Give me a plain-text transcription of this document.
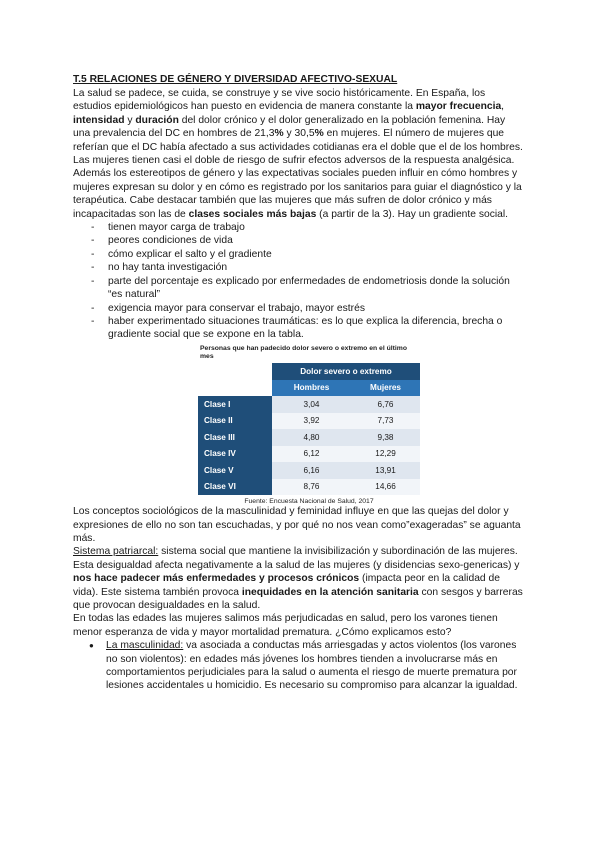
T.5 RELACIONES DE GÉNERO Y DIVERSIDAD AFECTIVO-SEXUAL

La salud se padece, se cuida, se construye y se vive socio históricamente. En España, los estudios epidemiológicos han puesto en evidencia de manera constante la mayor frecuencia, intensidad y duración del dolor crónico y el dolor generalizado en la población femenina. Hay una prevalencia del DC en hombres de 21,3% y 30,5% en mujeres. El número de mujeres que referían que el DC había afectado a sus actividades cotidianas era el doble que el de los hombres. Las mujeres tienen casi el doble de riesgo de sufrir efectos adversos de la respuesta analgésica. Además los estereotipos de género y las expectativas sociales pueden influir en cómo hombres y mujeres expresan su dolor y en cómo es registrado por los sanitarios para guiar el diagnóstico y la terapéutica. Cabe destacar también que las mujeres que más sufren de dolor crónico y más incapacitadas son las de clases sociales más bajas (a partir de la 3). Hay un gradiente social.

- tienen mayor carga de trabajo
- peores condiciones de vida
- cómo explicar el salto y el gradiente
- no hay tanta investigación
- parte del porcentaje es explicado por enfermedades de endometriosis donde la solución “es natural”
- exigencia mayor para conservar el trabajo, mayor estrés
- haber experimentado situaciones traumáticas: es lo que explica la diferencia, brecha o gradiente social que se expone en la tabla.

Personas que han padecido dolor severo o extremo en el último mes

	Dolor severo o extremo	
	Hombres	Mujeres
Clase I	3,04	6,76
Clase II	3,92	7,73
Clase III	4,80	9,38
Clase IV	6,12	12,29
Clase V	6,16	13,91
Clase VI	8,76	14,66

Fuente: Encuesta Nacional de Salud, 2017

Los conceptos sociológicos de la masculinidad y feminidad influye en que las quejas del dolor y expresiones de ello no son tan escuchadas, y por qué no nos vean como”exageradas” se aguanta más.

Sistema patriarcal: sistema social que mantiene la invisibilización y subordinación de las mujeres. Esta desigualdad afecta negativamente a la salud de las mujeres (y disidencias sexo-genericas) y nos hace padecer más enfermedades y procesos crónicos (impacta peor en la calidad de vida). Este sistema también provoca inequidades en la atención sanitaria con sesgos y barreras que provocan desigualdades en la salud.

En todas las edades las mujeres salimos más perjudicadas en salud, pero los varones tienen menor esperanza de vida y mayor mortalidad prematura. ¿Cómo explicamos esto?

● La masculinidad: va asociada a conductas más arriesgadas y actos violentos (los varones no son violentos): en edades más jóvenes los hombres tienden a involucrarse más en comportamientos perjudiciales para la salud o aumenta el riesgo de muerte prematura por lesiones accidentales u homicidio. Es necesario su compromiso para alcanzar la igualdad.
